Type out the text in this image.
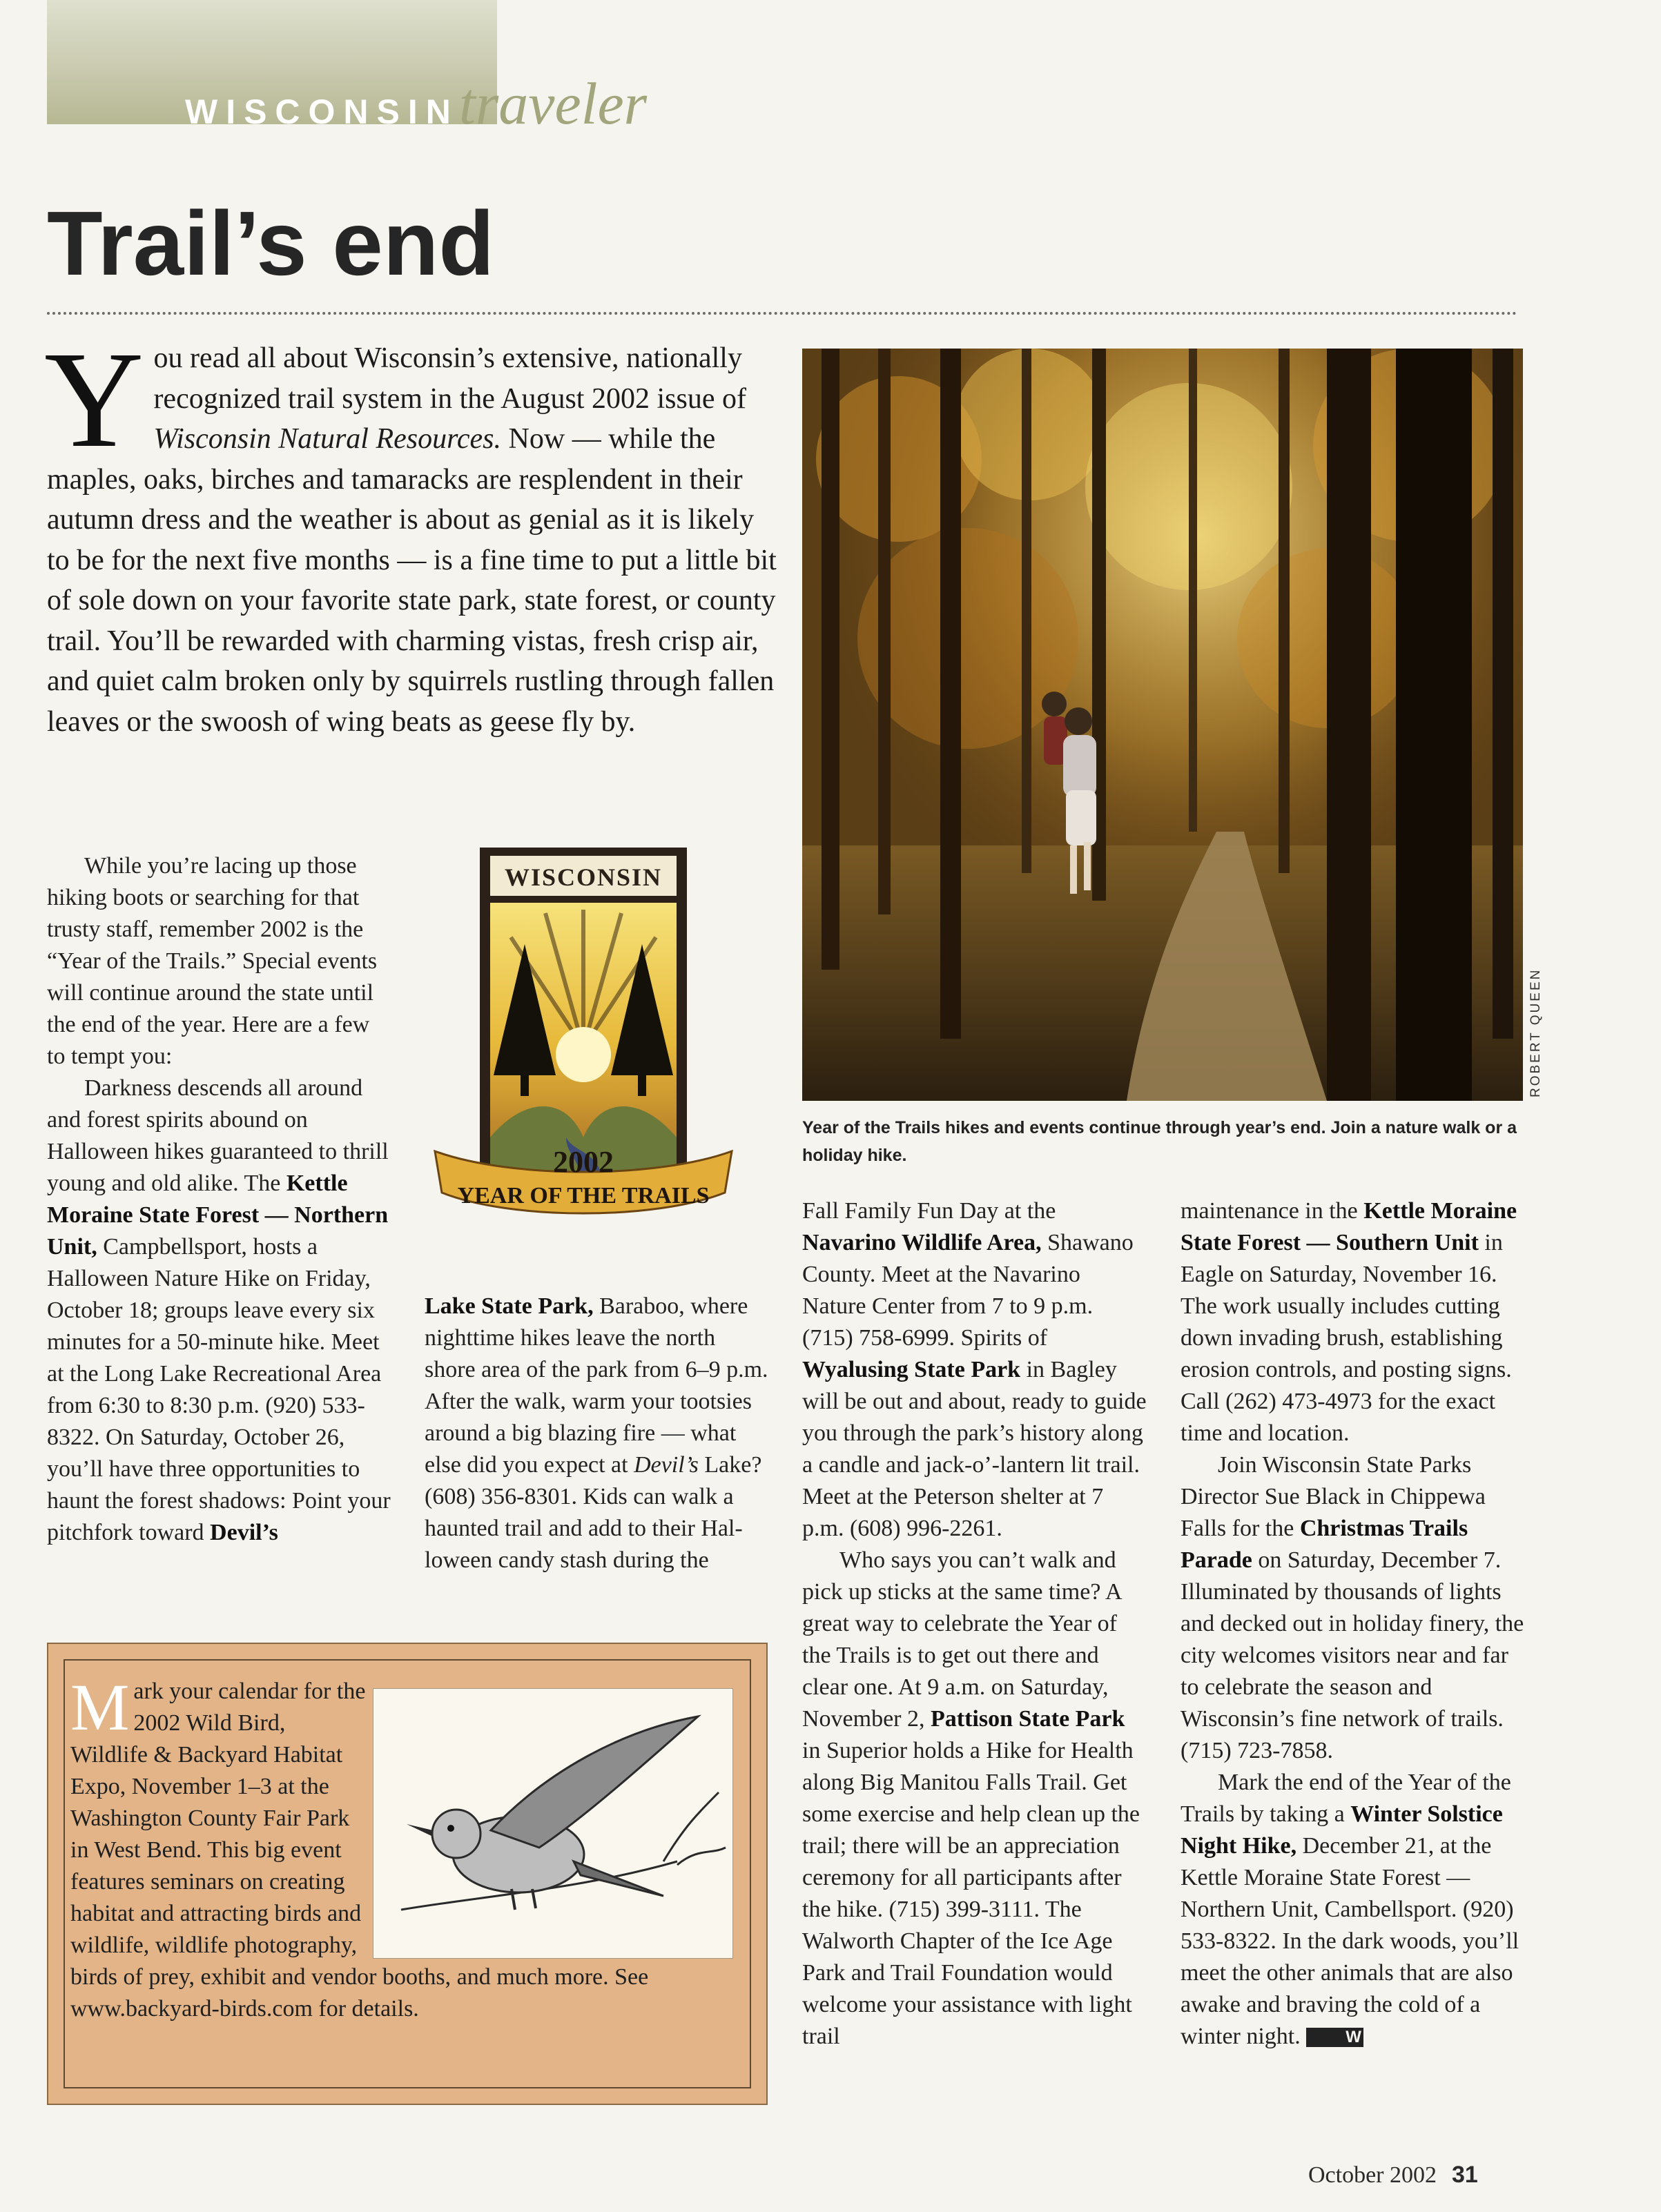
WISCONSINtraveler
Trail’s end
You read all about Wisconsin’s extensive, nationally recognized trail system in the August 2002 issue of Wisconsin Natural Resources. Now — while the maples, oaks, birches and tamaracks are resplendent in their autumn dress and the weather is about as genial as it is likely to be for the next five months — is a fine time to put a little bit of sole down on your favorite state park, state forest, or county trail. You’ll be rewarded with charming vistas, fresh crisp air, and quiet calm broken only by squirrels rustling through fallen leaves or the swoosh of wing beats as geese fly by.
ROBERT QUEEN
Year of the Trails hikes and events continue through year’s end. Join a nature walk or a holiday hike.
WISCONSIN
2002
YEAR OF THE TRAILS

While you’re lacing up those hiking boots or searching for that trusty staff, remember 2002 is the “Year of the Trails.” Special events will continue around the state until the end of the year. Here are a few to tempt you:

Darkness descends all around and forest spirits abound on Halloween hikes guaranteed to thrill young and old alike. The Kettle Moraine State Forest — Northern Unit, Campbellsport, hosts a Halloween Nature Hike on Friday, October 18; groups leave every six minutes for a 50-minute hike. Meet at the Long Lake Recreational Area from 6:30 to 8:30 p.m. (920) 533-8322. On Saturday, October 26, you’ll have three opportunities to haunt the forest shadows: Point your pitchfork toward Devil’s

Lake State Park, Baraboo, where nighttime hikes leave the north shore area of the park from 6–9 p.m. After the walk, warm your tootsies around a big blazing fire — what else did you expect at Devil’s Lake? (608) 356-8301. Kids can walk a haunted trail and add to their Halloween candy stash during the

Fall Family Fun Day at the Navarino Wildlife Area, Shawano County. Meet at the Navarino Nature Center from 7 to 9 p.m. (715) 758-6999. Spirits of Wyalusing State Park in Bagley will be out and about, ready to guide you through the park’s history along a candle and jack-o’-lantern lit trail. Meet at the Peterson shelter at 7 p.m. (608) 996-2261.

Who says you can’t walk and pick up sticks at the same time? A great way to celebrate the Year of the Trails is to get out there and clear one. At 9 a.m. on Saturday, November 2, Pattison State Park in Superior holds a Hike for Health along Big Manitou Falls Trail. Get some exercise and help clean up the trail; there will be an appreciation ceremony for all participants after the hike. (715) 399-3111. The Walworth Chapter of the Ice Age Park and Trail Foundation would welcome your assistance with light trail

maintenance in the Kettle Moraine State Forest — Southern Unit in Eagle on Saturday, November 16. The work usually includes cutting down invading brush, establishing erosion controls, and posting signs. Call (262) 473-4973 for the exact time and location.

Join Wisconsin State Parks Director Sue Black in Chippewa Falls for the Christmas Trails Parade on Saturday, December 7. Illuminated by thousands of lights and decked out in holiday finery, the city welcomes visitors near and far to celebrate the season and Wisconsin’s fine network of trails. (715) 723-7858.

Mark the end of the Year of the Trails by taking a Winter Solstice Night Hike, December 21, at the Kettle Moraine State Forest — Northern Unit, Cambellsport. (920) 533-8322. In the dark woods, you’ll meet the other animals that are also awake and braving the cold of a winter night.	W

Mark your calendar for the 2002 Wild Bird, Wildlife & Backyard Habitat Expo, November 1–3 at the Washington County Fair Park in West Bend. This big event features seminars on creating habitat and attracting birds and wildlife, wildlife photography, birds of prey, exhibit and vendor booths, and much more. See www.backyard-birds.com for details.
October 2002 31
